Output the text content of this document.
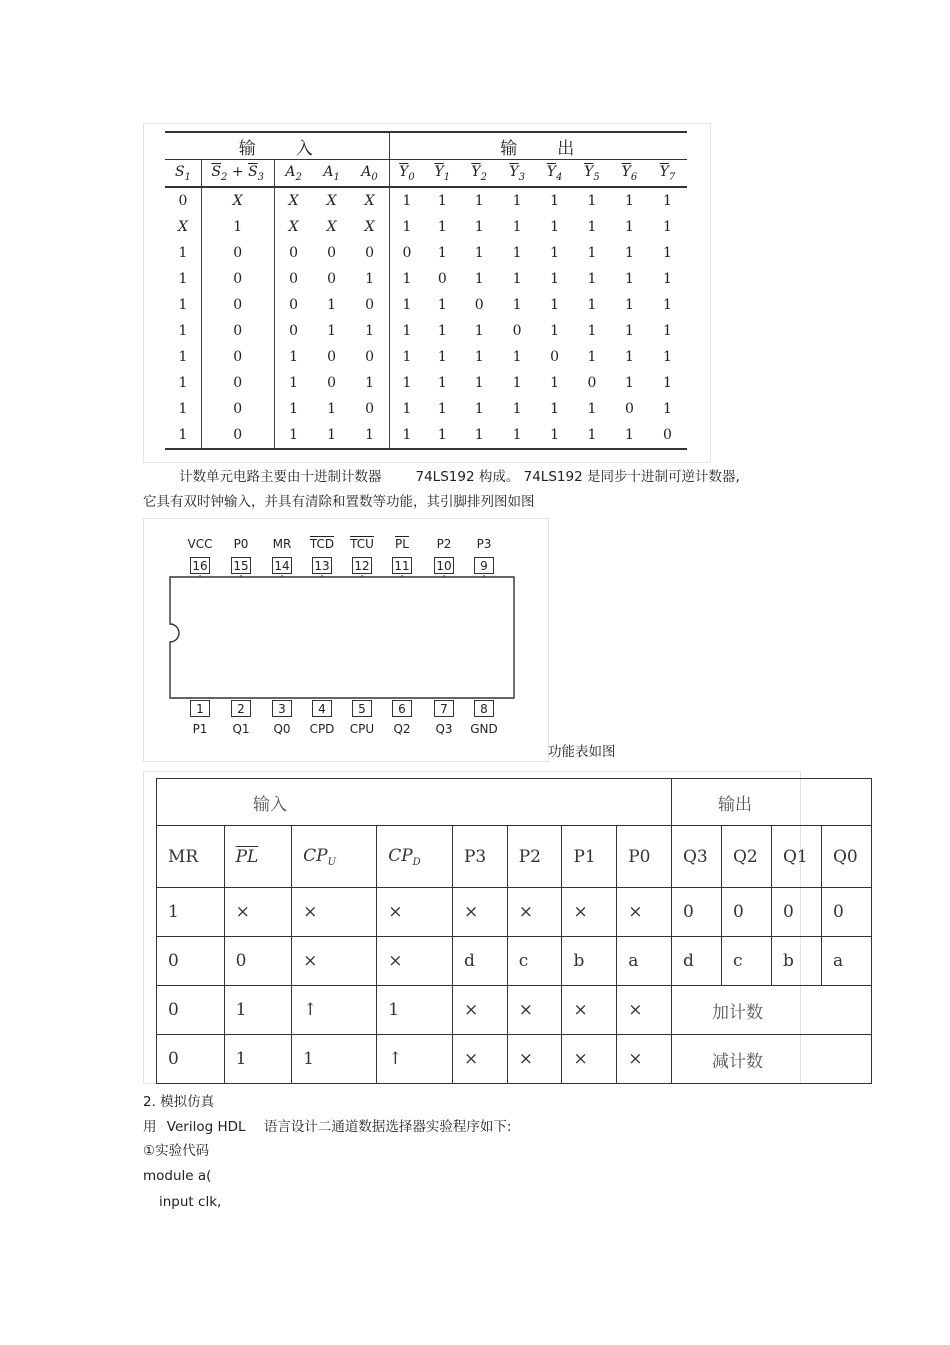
输　　入					输　　出							
$S_1$	$\overline{S}_2 + \overline{S}_3$	$A_2$	$A_1$	$A_0$	$\overline{Y}_0$	$\overline{Y}_1$	$\overline{Y}_2$	$\overline{Y}_3$	$\overline{Y}_4$	$\overline{Y}_5$	$\overline{Y}_6$	$\overline{Y}_7$
0	X	X	X	X	1	1	1	1	1	1	1	1
X	1	X	X	X	1	1	1	1	1	1	1	1
1	0	0	0	0	0	1	1	1	1	1	1	1
1	0	0	0	1	1	0	1	1	1	1	1	1
1	0	0	1	0	1	1	0	1	1	1	1	1
1	0	0	1	1	1	1	1	0	1	1	1	1
1	0	1	0	0	1	1	1	1	0	1	1	1
1	0	1	0	1	1	1	1	1	1	0	1	1
1	0	1	1	0	1	1	1	1	1	1	0	1
1	0	1	1	1	1	1	1	1	1	1	1	0
计数单元电路主要由十进制计数器	74LS192 构成。 74LS192 是同步十进制可逆计数器,
它具有双时钟输入，并具有清除和置数等功能，其引脚排列图如图
VCC
16
P0
15
MR
14
$\overline{TCD}$
13
$\overline{TCU}$
12
$\overline{PL}$
11
P2
10
P3
9
1
P1
2
Q1
3
Q0
4
CPD
5
CPU
6
Q2
7
Q3
8
GND
功能表如图
输入								输出			
MR	$\overline{PL}$	$CP_U$	$CP_D$	P3	P2	P1	P0	Q3	Q2	Q1	Q0
1	×	×	×	×	×	×	×	0	0	0	0
0	0	×	×	d	c	b	a	d	c	b	a
0	1	↑	1	×	×	×	×	加计数			
0	1	1	↑	×	×	×	×	减计数			
2. 模拟仿真
用 Verilog HDL 语言设计二通道数据选择器实验程序如下:
①实验代码
module a(
input clk,
